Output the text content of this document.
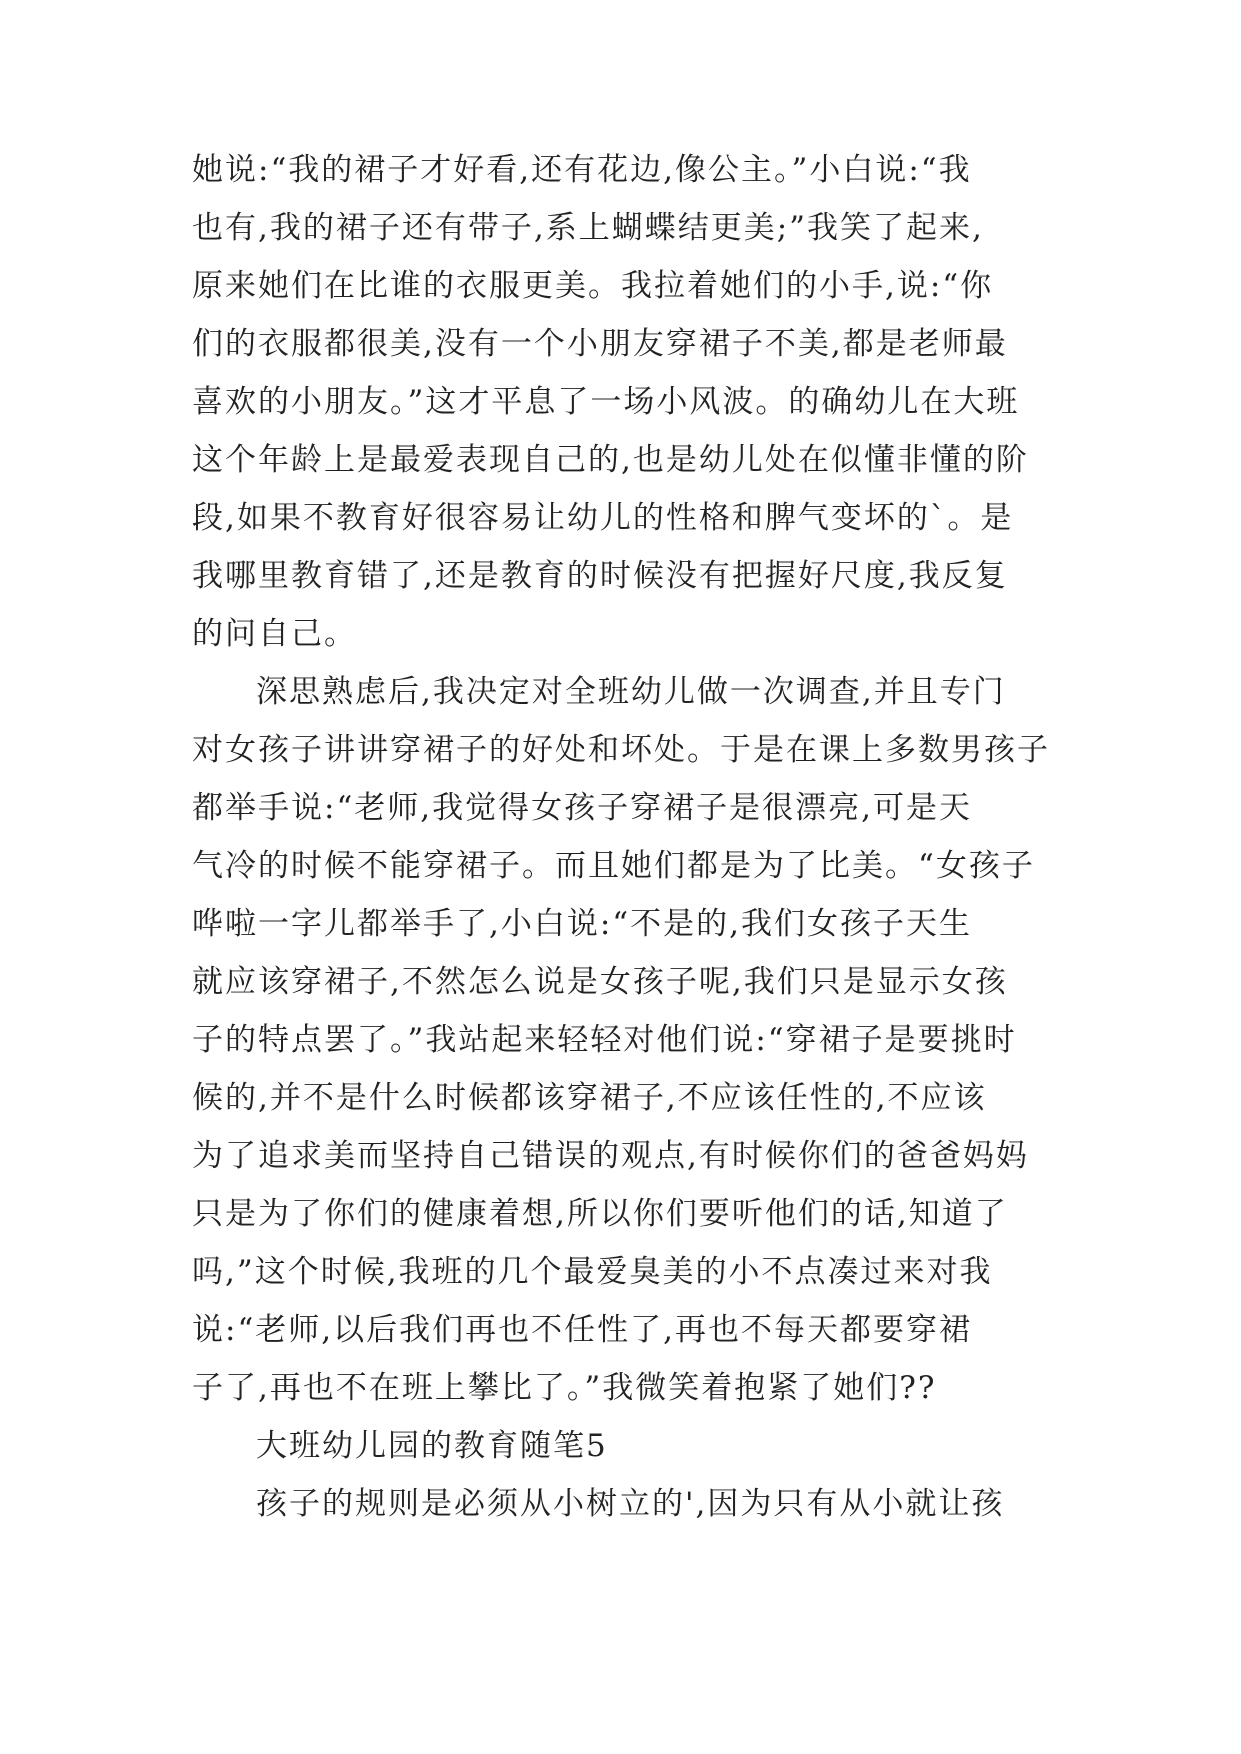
她说:“我的裙子才好看,还有花边,像公主。”小白说:“我
也有,我的裙子还有带子,系上蝴蝶结更美;”我笑了起来,
原来她们在比谁的衣服更美。我拉着她们的小手,说:“你
们的衣服都很美,没有一个小朋友穿裙子不美,都是老师最
喜欢的小朋友。”这才平息了一场小风波。的确幼儿在大班
这个年龄上是最爱表现自己的,也是幼儿处在似懂非懂的阶
段,如果不教育好很容易让幼儿的性格和脾气变坏的`。是
我哪里教育错了,还是教育的时候没有把握好尺度,我反复
的问自己。
深思熟虑后,我决定对全班幼儿做一次调查,并且专门
对女孩子讲讲穿裙子的好处和坏处。于是在课上多数男孩子
都举手说:“老师,我觉得女孩子穿裙子是很漂亮,可是天
气冷的时候不能穿裙子。而且她们都是为了比美。“女孩子
哗啦一字儿都举手了,小白说:“不是的,我们女孩子天生
就应该穿裙子,不然怎么说是女孩子呢,我们只是显示女孩
子的特点罢了。”我站起来轻轻对他们说:“穿裙子是要挑时
候的,并不是什么时候都该穿裙子,不应该任性的,不应该
为了追求美而坚持自己错误的观点,有时候你们的爸爸妈妈
只是为了你们的健康着想,所以你们要听他们的话,知道了
吗,”这个时候,我班的几个最爱臭美的小不点凑过来对我
说:“老师,以后我们再也不任性了,再也不每天都要穿裙
子了,再也不在班上攀比了。”我微笑着抱紧了她们??
大班幼儿园的教育随笔5
孩子的规则是必须从小树立的',因为只有从小就让孩
